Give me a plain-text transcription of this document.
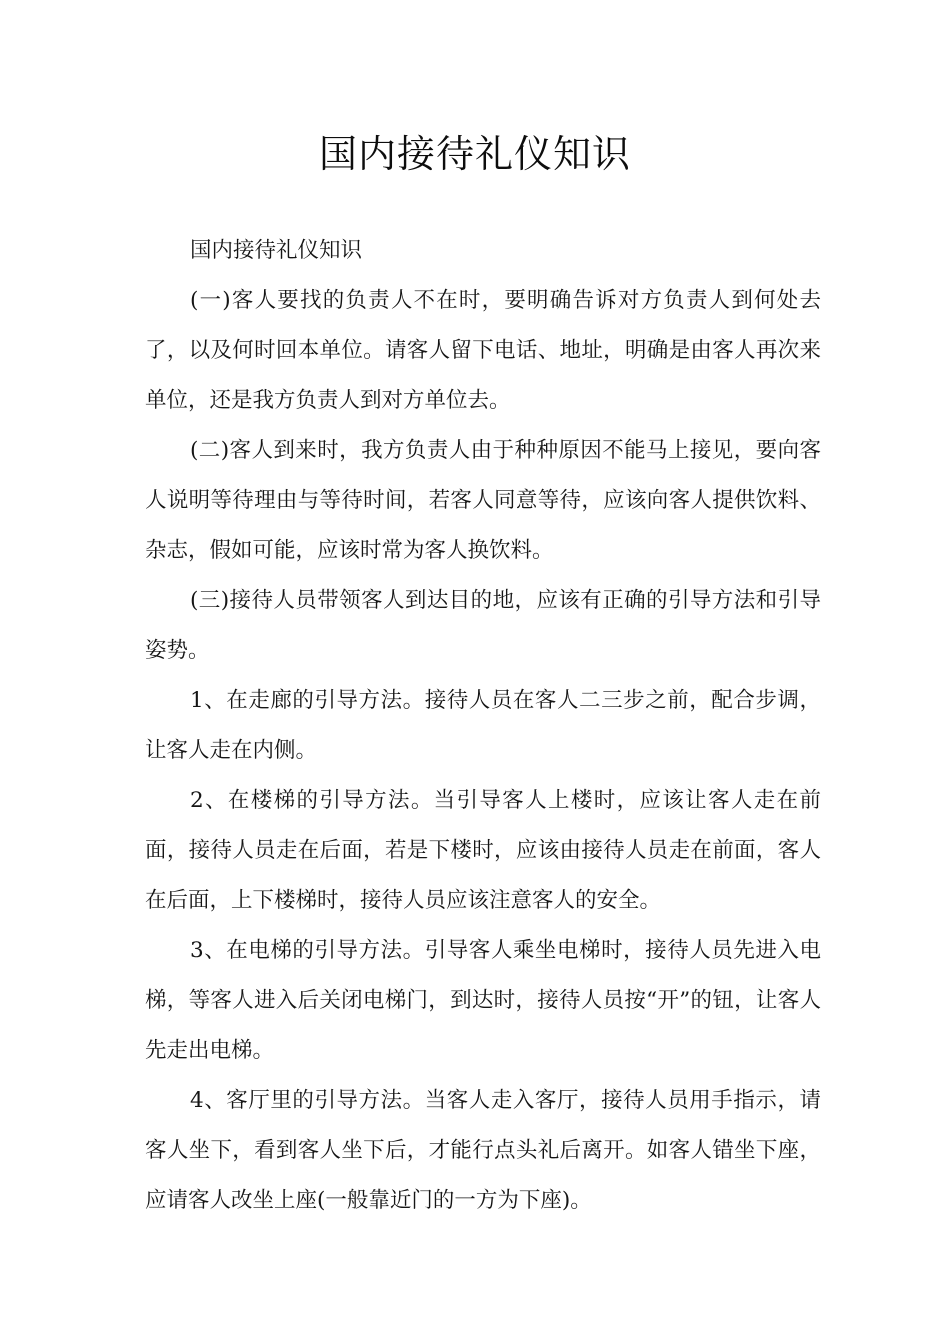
国内接待礼仪知识

国内接待礼仪知识

(一)客人要找的负责人不在时，要明确告诉对方负责人到何处去了，以及何时回本单位。请客人留下电话、地址，明确是由客人再次来单位，还是我方负责人到对方单位去。

(二)客人到来时，我方负责人由于种种原因不能马上接见，要向客人说明等待理由与等待时间，若客人同意等待，应该向客人提供饮料、杂志，假如可能，应该时常为客人换饮料。

(三)接待人员带领客人到达目的地，应该有正确的引导方法和引导姿势。

1、在走廊的引导方法。接待人员在客人二三步之前，配合步调，让客人走在内侧。

2、在楼梯的引导方法。当引导客人上楼时，应该让客人走在前面，接待人员走在后面，若是下楼时，应该由接待人员走在前面，客人在后面，上下楼梯时，接待人员应该注意客人的安全。

3、在电梯的引导方法。引导客人乘坐电梯时，接待人员先进入电梯，等客人进入后关闭电梯门，到达时，接待人员按“开”的钮，让客人先走出电梯。

4、客厅里的引导方法。当客人走入客厅，接待人员用手指示，请客人坐下，看到客人坐下后，才能行点头礼后离开。如客人错坐下座，应请客人改坐上座(一般靠近门的一方为下座)。
